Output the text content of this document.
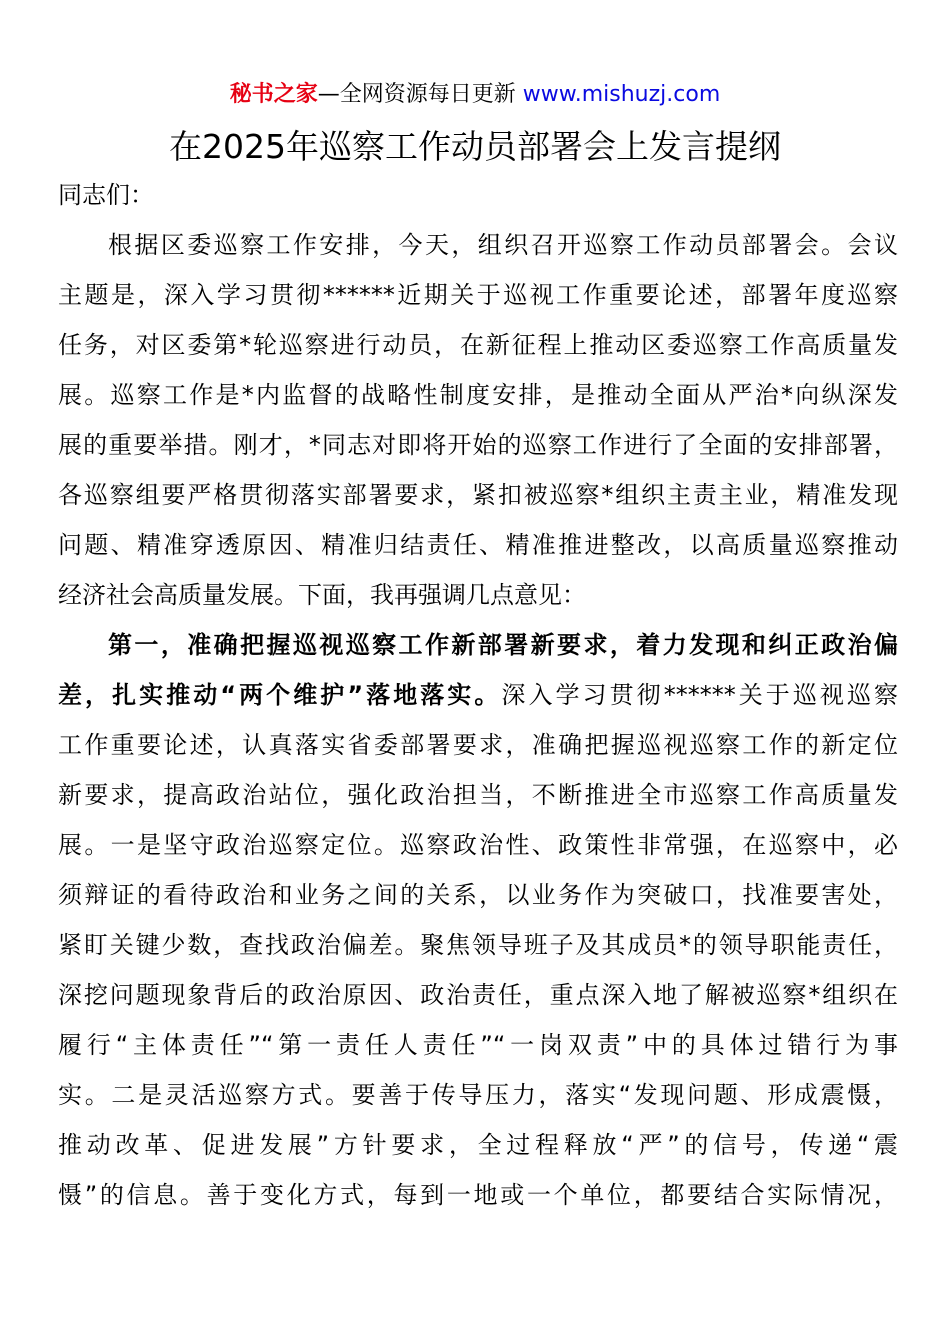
秘书之家—全网资源每日更新 www.mishuzj.com
在2025年巡察工作动员部署会上发言提纲
同志们：
根据区委巡察工作安排，今天，组织召开巡察工作动员部署会。会议
主题是，深入学习贯彻******近期关于巡视工作重要论述，部署年度巡察
任务，对区委第*轮巡察进行动员，在新征程上推动区委巡察工作高质量发
展。巡察工作是*内监督的战略性制度安排，是推动全面从严治*向纵深发
展的重要举措。刚才，*同志对即将开始的巡察工作进行了全面的安排部署，
各巡察组要严格贯彻落实部署要求，紧扣被巡察*组织主责主业，精准发现
问题、精准穿透原因、精准归结责任、精准推进整改，以高质量巡察推动
经济社会高质量发展。下面，我再强调几点意见：
第一，准确把握巡视巡察工作新部署新要求，着力发现和纠正政治偏
差，扎实推动“两个维护”落地落实。深入学习贯彻******关于巡视巡察
工作重要论述，认真落实省委部署要求，准确把握巡视巡察工作的新定位
新要求，提高政治站位，强化政治担当，不断推进全市巡察工作高质量发
展。一是坚守政治巡察定位。巡察政治性、政策性非常强，在巡察中，必
须辩证的看待政治和业务之间的关系，以业务作为突破口，找准要害处，
紧盯关键少数，查找政治偏差。聚焦领导班子及其成员*的领导职能责任，
深挖问题现象背后的政治原因、政治责任，重点深入地了解被巡察*组织在
履行“主体责任”“第一责任人责任”“一岗双责”中的具体过错行为事
实。二是灵活巡察方式。要善于传导压力，落实“发现问题、形成震慑，
推动改革、促进发展”方针要求，全过程释放“严”的信号，传递“震
慑”的信息。善于变化方式，每到一地或一个单位，都要结合实际情况，
